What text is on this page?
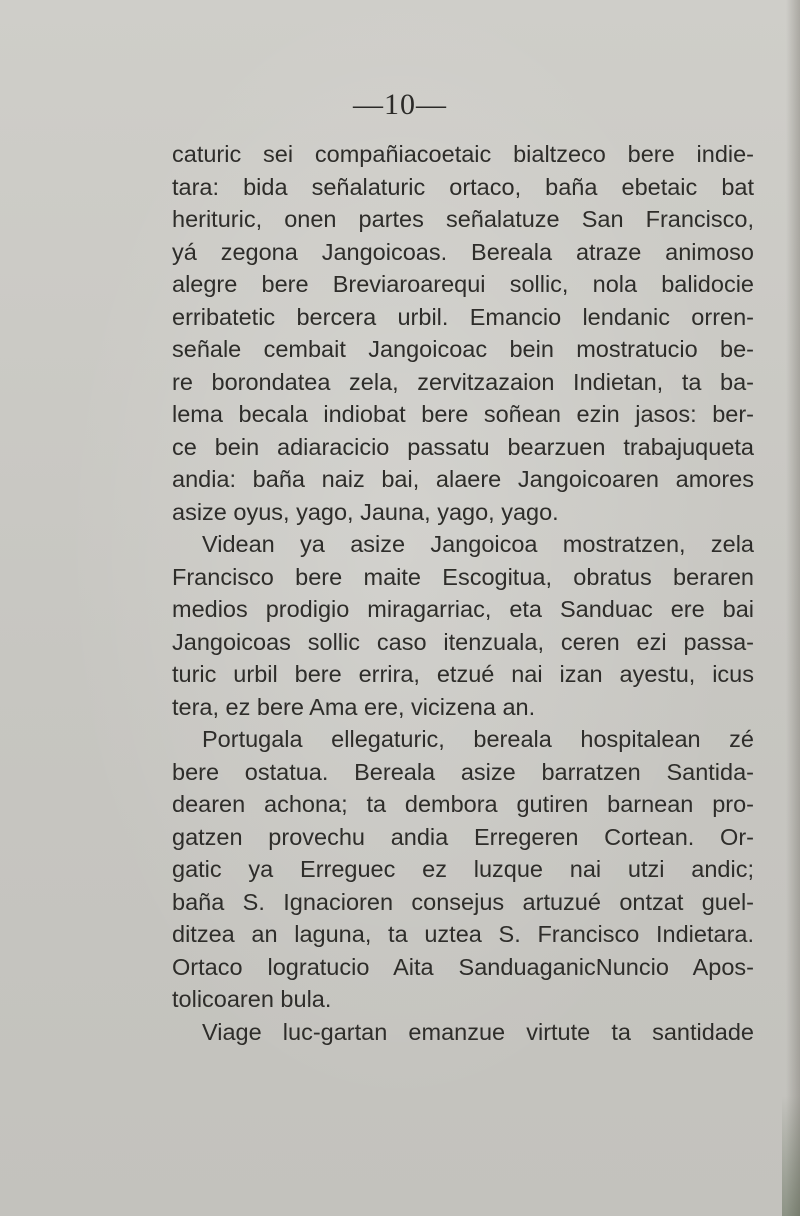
—10—
caturic sei compañiacoetaic bialtzeco bere indie-
tara: bida señalaturic ortaco, baña ebetaic bat
herituric, onen partes señalatuze San Francisco,
yá zegona Jangoicoas. Bereala atraze animoso
alegre bere Breviaroarequi sollic, nola balidocie
erribatetic bercera urbil. Emancio lendanic orren-
señale cembait Jangoicoac bein mostratucio be-
re borondatea zela, zervitzazaion Indietan, ta ba-
lema becala indiobat bere soñean ezin jasos: ber-
ce bein adiaracicio passatu bearzuen trabajuqueta
andia: baña naiz bai, alaere Jangoicoaren amores
asize oyus, yago, Jauna, yago, yago.
Videan ya asize Jangoicoa mostratzen, zela
Francisco bere maite Escogitua, obratus beraren
medios prodigio miragarriac, eta Sanduac ere bai
Jangoicoas sollic caso itenzuala, ceren ezi passa-
turic urbil bere errira, etzué nai izan ayestu, icus
tera, ez bere Ama ere, vicizena an.
Portugala ellegaturic, bereala hospitalean zé
bere ostatua. Bereala asize barratzen Santida-
dearen achona; ta dembora gutiren barnean pro-
gatzen provechu andia Erregeren Cortean. Or-
gatic ya Erreguec ez luzque nai utzi andic;
baña S. Ignacioren consejus artuzué ontzat guel-
ditzea an laguna, ta uztea S. Francisco Indietara.
Ortaco logratucio Aita SanduaganicNuncio Apos-
tolicoaren bula.
Viage luc-gartan emanzue virtute ta santidade
